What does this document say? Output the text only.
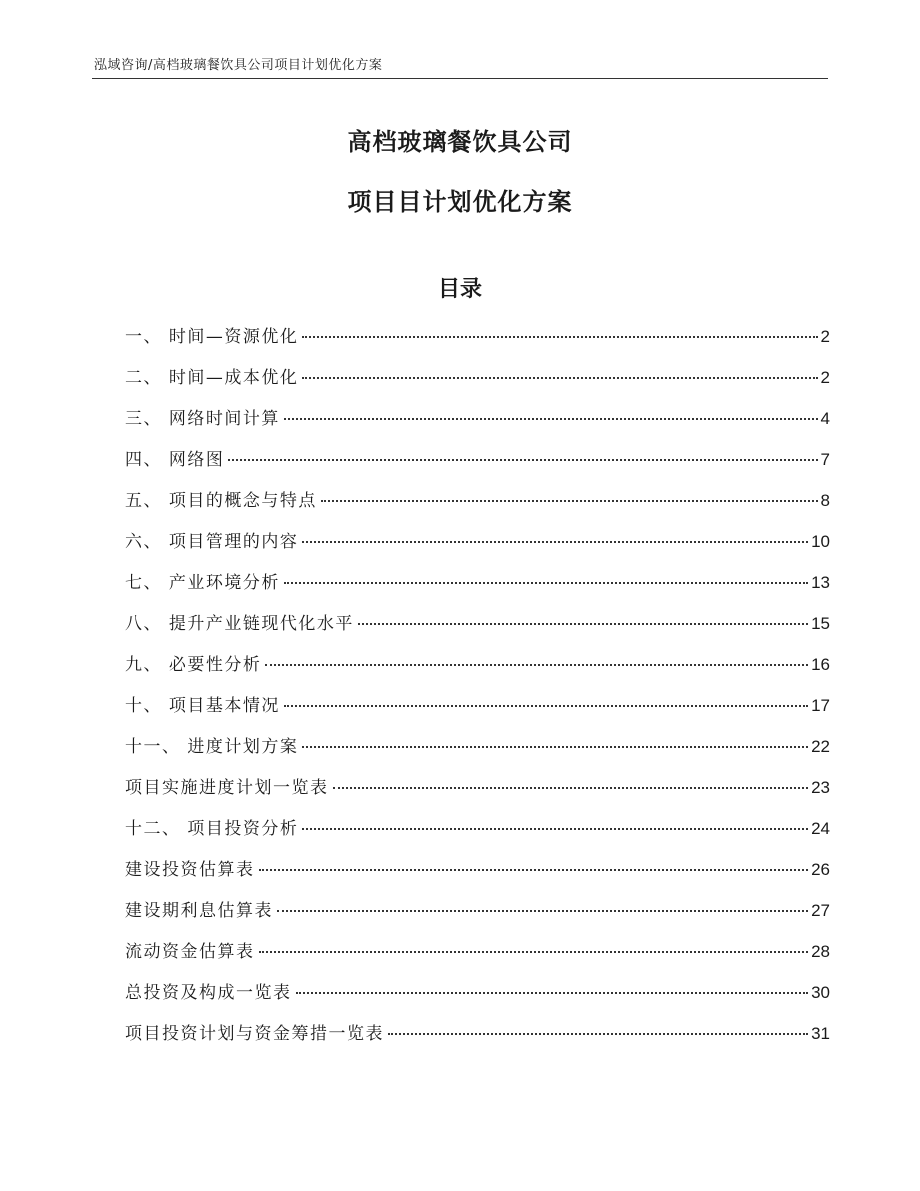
泓域咨询/高档玻璃餐饮具公司项目计划优化方案
高档玻璃餐饮具公司
项目目计划优化方案
目录
一、 时间—资源优化	2
二、 时间—成本优化	2
三、 网络时间计算	4
四、 网络图	7
五、 项目的概念与特点	8
六、 项目管理的内容	10
七、 产业环境分析	13
八、 提升产业链现代化水平	15
九、 必要性分析	16
十、 项目基本情况	17
十一、 进度计划方案	22
项目实施进度计划一览表	23
十二、 项目投资分析	24
建设投资估算表	26
建设期利息估算表	27
流动资金估算表	28
总投资及构成一览表	30
项目投资计划与资金筹措一览表	31
